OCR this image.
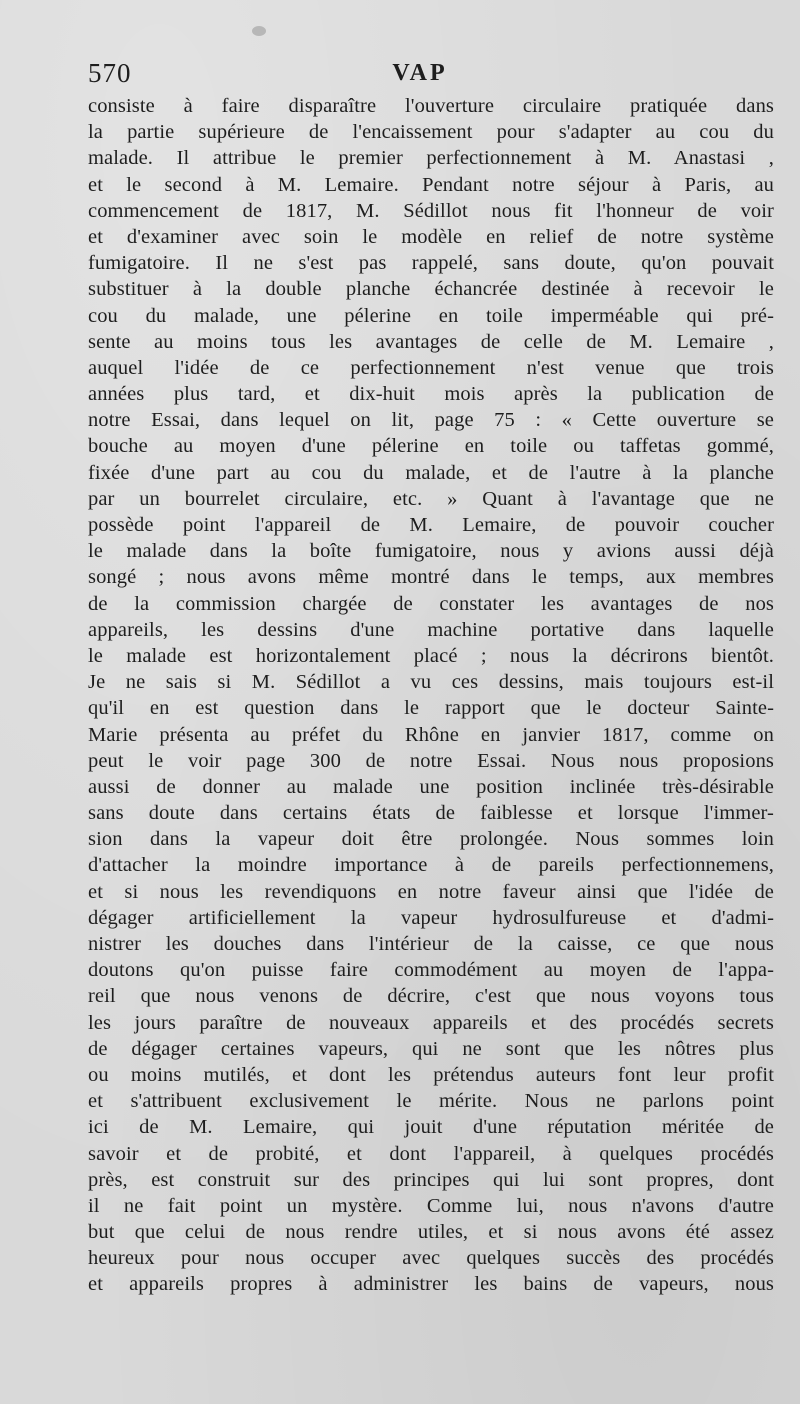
570	VAP
consiste à faire disparaître l'ouverture circulaire pratiquée dans
la partie supérieure de l'encaissement pour s'adapter au cou du
malade. Il attribue le premier perfectionnement à M. Anastasi ,
et le second à M. Lemaire. Pendant notre séjour à Paris, au
commencement de 1817, M. Sédillot nous fit l'honneur de voir
et d'examiner avec soin le modèle en relief de notre système
fumigatoire. Il ne s'est pas rappelé, sans doute, qu'on pouvait
substituer à la double planche échancrée destinée à recevoir le
cou du malade, une pélerine en toile imperméable qui pré-
sente au moins tous les avantages de celle de M. Lemaire ,
auquel l'idée de ce perfectionnement n'est venue que trois
années plus tard, et dix-huit mois après la publication de
notre Essai, dans lequel on lit, page 75 : « Cette ouverture se
bouche au moyen d'une pélerine en toile ou taffetas gommé,
fixée d'une part au cou du malade, et de l'autre à la planche
par un bourrelet circulaire, etc. » Quant à l'avantage que ne
possède point l'appareil de M. Lemaire, de pouvoir coucher
le malade dans la boîte fumigatoire, nous y avions aussi déjà
songé ; nous avons même montré dans le temps, aux membres
de la commission chargée de constater les avantages de nos
appareils, les dessins d'une machine portative dans laquelle
le malade est horizontalement placé ; nous la décrirons bientôt.
Je ne sais si M. Sédillot a vu ces dessins, mais toujours est-il
qu'il en est question dans le rapport que le docteur Sainte-
Marie présenta au préfet du Rhône en janvier 1817, comme on
peut le voir page 300 de notre Essai. Nous nous proposions
aussi de donner au malade une position inclinée très-désirable
sans doute dans certains états de faiblesse et lorsque l'immer-
sion dans la vapeur doit être prolongée. Nous sommes loin
d'attacher la moindre importance à de pareils perfectionnemens,
et si nous les revendiquons en notre faveur ainsi que l'idée de
dégager artificiellement la vapeur hydrosulfureuse et d'admi-
nistrer les douches dans l'intérieur de la caisse, ce que nous
doutons qu'on puisse faire commodément au moyen de l'appa-
reil que nous venons de décrire, c'est que nous voyons tous
les jours paraître de nouveaux appareils et des procédés secrets
de dégager certaines vapeurs, qui ne sont que les nôtres plus
ou moins mutilés, et dont les prétendus auteurs font leur profit
et s'attribuent exclusivement le mérite. Nous ne parlons point
ici de M. Lemaire, qui jouit d'une réputation méritée de
savoir et de probité, et dont l'appareil, à quelques procédés
près, est construit sur des principes qui lui sont propres, dont
il ne fait point un mystère. Comme lui, nous n'avons d'autre
but que celui de nous rendre utiles, et si nous avons été assez
heureux pour nous occuper avec quelques succès des procédés
et appareils propres à administrer les bains de vapeurs, nous
